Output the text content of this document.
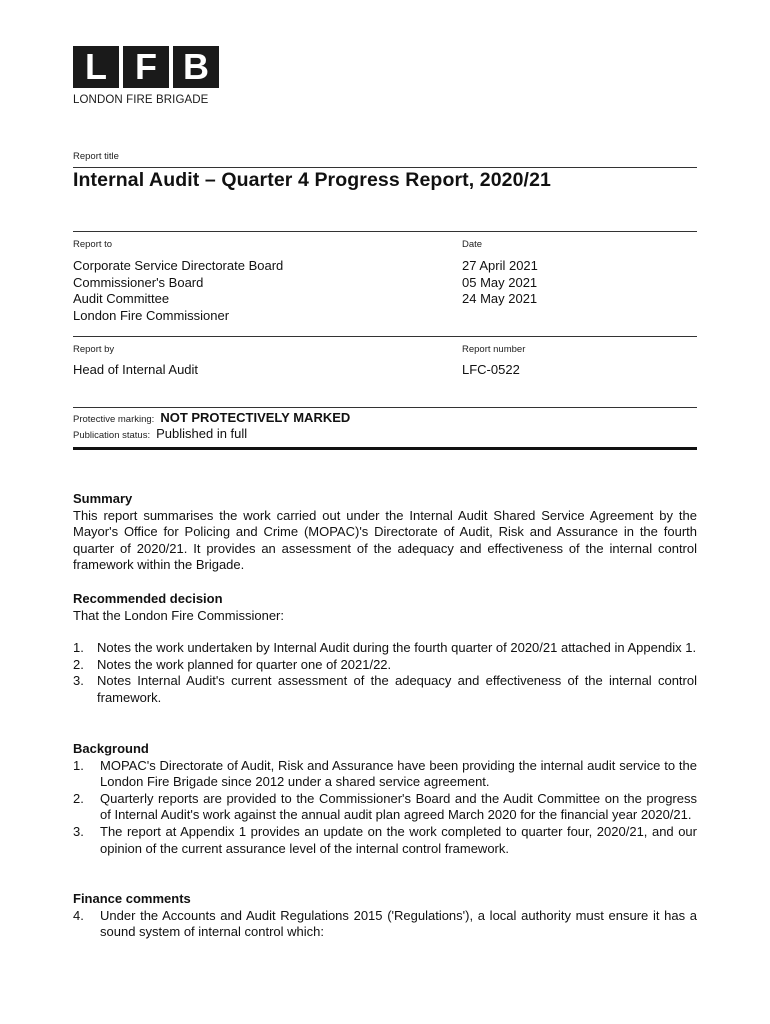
L F B
LONDON FIRE BRIGADE
Report title
Internal Audit – Quarter 4 Progress Report, 2020/21
Report to
Corporate Service Directorate Board
Commissioner's Board
Audit Committee
London Fire Commissioner
Date
27 April 2021
05 May 2021
24 May 2021
Report by
Head of Internal Audit
Report number
LFC-0522
Protective marking: NOT PROTECTIVELY MARKED
Publication status: Published in full
Summary

This report summarises the work carried out under the Internal Audit Shared Service Agreement by the Mayor's Office for Policing and Crime (MOPAC)'s Directorate of Audit, Risk and Assurance in the fourth quarter of 2020/21. It provides an assessment of the adequacy and effectiveness of the internal control framework within the Brigade.

Recommended decision

That the London Fire Commissioner:

1.	Notes the work undertaken by Internal Audit during the fourth quarter of 2020/21 attached in Appendix 1.
2.	Notes the work planned for quarter one of 2021/22.
3.	Notes Internal Audit's current assessment of the adequacy and effectiveness of the internal control framework.
Background
1.	MOPAC's Directorate of Audit, Risk and Assurance have been providing the internal audit service to the London Fire Brigade since 2012 under a shared service agreement.
2.	Quarterly reports are provided to the Commissioner's Board and the Audit Committee on the progress of Internal Audit's work against the annual audit plan agreed March 2020 for the financial year 2020/21.
3.	The report at Appendix 1 provides an update on the work completed to quarter four, 2020/21, and our opinion of the current assurance level of the internal control framework.
Finance comments
4.	Under the Accounts and Audit Regulations 2015 ('Regulations'), a local authority must ensure it has a sound system of internal control which:
